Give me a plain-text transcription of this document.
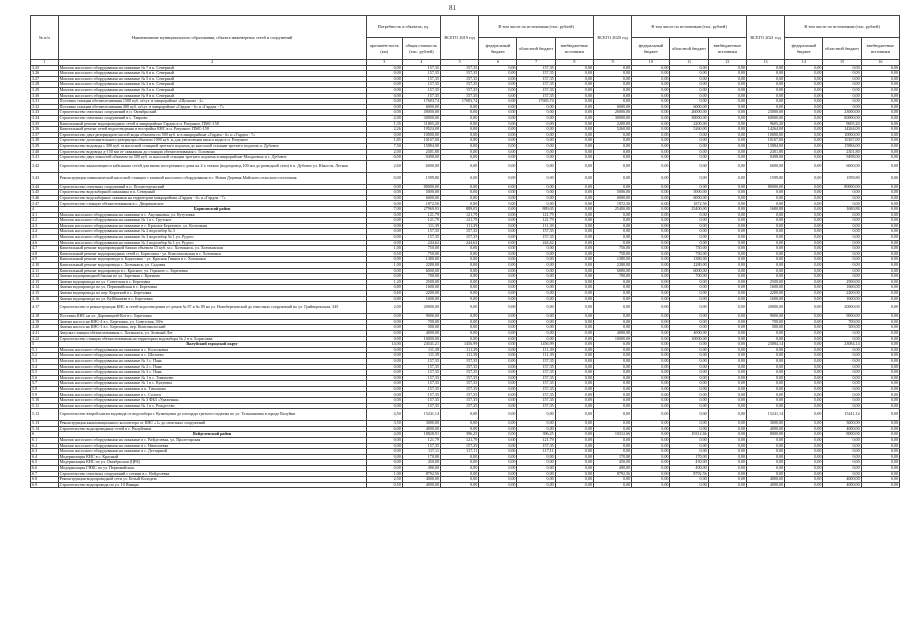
81
№ п/п	Наименование муниципального образования, объекта инженерных сетей и сооружений	Потребность в объектах, ед.		ВСЕГО 2019 год	В том числе по источникам (тыс. рублей)			ВСЕГО 2020 год	В том числе по источникам (тыс. рублей)			ВСЕГО 2021 год	В том числе по источникам (тыс. рублей)		
		протяжён-ность (км)	общая стоимость (тыс. рублей)		федеральный бюджет	областной бюджет	внебюджетные источники		федеральный бюджет	областной бюджет	внебюджетные источники		федеральный бюджет	областной бюджет	внебюджетные источники
1	2	3	4	5	6	7	8	9	10	11	12	13	14	15	16
3.25	Монтаж насосного оборудования на скважине № 7 в п. Северный	0,00	157,35	157,35	0,00	157,35	0,00	0,00	0,00	0,00	0,00	0,00	0,00	0,00	0,00
3.26	Монтаж насосного оборудования на скважине № 6 в п. Северный	0,00	157,35	157,35	0,00	157,35	0,00	0,00	0,00	0,00	0,00	0,00	0,00	0,00	0,00
3.27	Монтаж насосного оборудования на скважине № 5 в п. Северный	0,00	157,35	157,35	0,00	157,35	0,00	0,00	0,00	0,00	0,00	0,00	0,00	0,00	0,00
3.28	Монтаж насосного оборудования на скважине № 2 в п. Северный	0,00	157,35	157,35	0,00	157,35	0,00	0,00	0,00	0,00	0,00	0,00	0,00	0,00	0,00
3.29	Монтаж насосного оборудования на скважине № 3 в п. Северный	0,00	157,35	157,35	0,00	157,35	0,00	0,00	0,00	0,00	0,00	0,00	0,00	0,00	0,00
3.30	Монтаж насосного оборудования на скважине № 9 в п. Северный	0,00	157,35	157,35	0,00	157,35	0,00	0,00	0,00	0,00	0,00	0,00	0,00	0,00	0,00
3.31	Поставка станции обезжелезивания 1500 куб. м/сут. в микрорайоне «Щелково - 2»	0,00	17683,74	17683,74	0,00	17683,74	0,00	0,00	0,00	0,00	0,00	0,00	0,00	0,00	0,00
3.32	Поставка станции обезжелезивания 400 куб. м/сут. в микрорайоне «Гарден - 6» и «Гарден - 7»	0,00	6000,00	0,00	0,00	0,00	0,00	6000,00	0,00	6000,00	0,00	0,00	0,00	0,00	0,00
3.33	Строительство очистных сооружений в п. Октябрьский	0,00	49000,00	0,00	0,00	0,00	0,00	26000,00	0,00	26000,00	0,00	23000,00	0,00	23000,00	0,00
3.34	Строительство очистных сооружений в с. Таврово	2,00	30000,00	0,00	0,00	0,00	0,00	30000,00	0,00	30000,00	0,00	60000,00	0,00	60000,00	0,00
3.35	Капитальный ремонт водопроводных сетей в микрорайоне Гарден в п. Разумное, ПМС-158	1,35	11805,20	0,00	0,00	0,00	0,00	2200,00	0,00	2200,00	0,00	9605,20	0,00	9605,20	0,00
3.36	Капитальный ремонт сетей водоотведения и постройка КНС в п. Разумное, ПМС-158	2,26	19524,00	0,00	0,00	0,00	0,00	5260,00	0,00	5260,00	0,00	14264,00	0,00	14264,00	0,00
3.37	Строительство двух резервуаров чистой воды объемом по 500 куб. м в микрорайоне «Гарден - 6» и «Гарден - 7»	0,00	10000,00	0,00	0,00	0,00	0,00	0,00	0,00	0,00	0,00	10000,00	0,00	10000,00	0,00
3.38	Строительство дополнительного резервуара объемом 1000 куб. м для увеличения запаса воды в п. Разумное	1,85	10167,00	0,00	0,00	0,00	0,00	0,00	0,00	0,00	0,00	10167,00	0,00	10167,00	0,00
3.39	Строительство водовода с 500 куб. м насосной станцией третьего подъема до насосной станции третьего подъема п. Дубовое	7,50	15884,00	0,00	0,00	0,00	0,00	0,00	0,00	0,00	0,00	15884,00	0,00	15884,00	0,00
3.40	Строительство водовода д-150 мм от скважины до станции обезжелезивания с. Головино	2,00	2301,80	0,00	0,00	0,00	0,00	0,00	0,00	0,00	0,00	2301,80	0,00	2301,80	0,00
3.41	Строительство двух емкостей объемом по 500 куб. м насосной станции третьего подъема в микрорайоне Млодьевых и с. Дубовое	0,00	9498,00	0,00	0,00	0,00	0,00	0,00	0,00	0,00	0,00	9498,00	0,00	9498,00	0,00
3.42	Строительство канализации и кабельных сетей для вновь построенного дома на 2-х этажах (водопровод 100 мм до разводной сети) в п. Дубовое ул. Юности, Лесная	2,60	6000,00	0,00	0,00	0,00	0,00	0,00	0,00	0,00	0,00	6000,00	0,00	6000,00	0,00
3.43	Реконструкция символической насосной станции с заменой насосного оборудования в с. Новая Деревня Майского сельского поселения	0,00	1599,80	0,00	0,00	0,00	0,00	0,00	0,00	0,00	0,00	1599,80	0,00	1599,80	0,00
3.44	Строительство очистных сооружений в п. Политотдельский	0,00	80000,00	0,00	0,00	0,00	0,00	0,00	0,00	0,00	0,00	80000,00	0,00	80000,00	0,00
3.45	Строительство водозаборной скважины в п. Северный	0,00	5000,00	0,00	0,00	0,00	0,00	5000,00	0,00	5000,00	0,00	0,00	0,00	0,00	0,00
3.46	Строительство водозаборных скважин на территории микрорайона «Гарден - 6» и «Гарден - 7»	0,00	6000,00	0,00	0,00	0,00	0,00	6000,00	0,00	6000,00	0,00	0,00	0,00	0,00	0,00
3.47	Строительство станции обезжелезивания в с. Двориковское	0,00	1872,56	0,00	0,00	0,00	0,00	1872,56	0,00	1872,56	0,00	0,00	0,00	0,00	0,00
4	Борисовский район	7,00	27969,93	889,05	0,00	889,05	0,00	25400,00	0,00	25400,00	0,00	1680,88	0,00	1680,88	0,00
4.1	Монтаж насосного оборудования на скважине в с. Акулиновка, ул. Кутузовка	0,00	121,79	121,79	0,00	121,79	0,00	0,00	0,00	0,00	0,00	0,00	0,00	0,00	0,00
4.2	Монтаж насосного оборудования на скважине № 1 в с. Грузское	0,00	121,79	121,79	0,00	121,79	0,00	0,00	0,00	0,00	0,00	0,00	0,00	0,00	0,00
4.3	Монтаж насосного оборудования на скважине в с. Красное Березовое, ул. Колхозная	0,00	111,39	111,39	0,00	111,39	0,00	0,00	0,00	0,00	0,00	0,00	0,00	0,00	0,00
4.4	Монтаж насосного оборудования на скважине № 2 водозабор № 3	0,00	157,35	157,35	0,00	157,35	0,00	0,00	0,00	0,00	0,00	0,00	0,00	0,00	0,00
4.5	Монтаж насосного оборудования на скважине № 3 водозабор № 1 ул. Рудого	0,00	157,35	157,35	0,00	157,35	0,00	0,00	0,00	0,00	0,00	0,00	0,00	0,00	0,00
4.6	Монтаж насосного оборудования на скважине № 2 водозабор № 1 ул. Рудого	0,00	244,62	244,62	0,00	244,62	0,00	0,00	0,00	0,00	0,00	0,00	0,00	0,00	0,00
4.7	Капитальный ремонт водопроводной башни объемом 15 куб. м с. Хотмыжск, ул. Хотмыжская	1,00	750,00	0,00	0,00	0,00	0,00	750,00	0,00	750,00	0,00	0,00	0,00	0,00	0,00
4.8	Капитальный ремонт водопроводных сетей п. Борисовка - ул. Комсомольская в с. Хотмыжск	0,50	750,00	0,00	0,00	0,00	0,00	750,00	0,00	750,00	0,00	0,00	0,00	0,00	0,00
4.9	Капитальный ремонт водопровода п. Борисовка - ул. Красная Гвинея в с. Хотмыжск	0,90	1380,00	0,00	0,00	0,00	0,00	1380,00	0,00	1380,00	0,00	0,00	0,00	0,00	0,00
4.10	Капитальный ремонт водопровода с. Хотмыжск, ул. Садовая	1,00	2280,00	0,00	0,00	0,00	0,00	2280,00	0,00	2280,00	0,00	0,00	0,00	0,00	0,00
4.11	Капитальный ремонт водопровода в с. Красное, ул. Горького с. Березовка	0,00	6000,00	0,00	0,00	0,00	0,00	6000,00	0,00	6000,00	0,00	0,00	0,00	0,00	0,00
4.12	Замена водопроводной башни по ул. Заречная с. Крюково	0,00	700,00	0,00	0,00	0,00	0,00	700,00	0,00	700,00	0,00	0,00	0,00	0,00	0,00
4.13	Замена водопровода по ул. Советская в с. Березовка	1,20	2500,00	0,00	0,00	0,00	0,00	0,00	0,00	0,00	0,00	2500,00	0,00	2500,00	0,00
4.14	Замена водопровода по ул. Первомайская в с. Березовка	0,80	1600,00	0,00	0,00	0,00	0,00	0,00	0,00	0,00	0,00	1600,00	0,00	1600,00	0,00
4.15	Замена водопровода по пер. Короткий в с. Березовка	0,60	2200,00	0,00	0,00	0,00	0,00	0,00	0,00	0,00	0,00	2200,00	0,00	2200,00	0,00
4.16	Замена водопровода по ул. Куйбышева в с. Березовка	0,80	1600,00	0,00	0,00	0,00	0,00	0,00	0,00	0,00	0,00	1600,00	0,00	1600,00	0,00
4.17	Строительство и реконструкция КНС в сетей водоотведения от домов № 87 и № 89 на ул. Новоберезовской до очистных сооружений по ул. Грайворонская, 345	2,00	20000,00	0,00	0,00	0,00	0,00	0,00	0,00	0,00	0,00	20000,00	0,00	20000,00	0,00
4.18	Поставка КНС на ул. Даровицкий-Кот в с. Березовка	0,00	9000,00	0,00	0,00	0,00	0,00	0,00	0,00	0,00	0,00	9000,00	0,00	9000,00	0,00
4.19	Замена насоса на КНС-4 в с. Березовка, ул. Советская, 39/в	0,00	700,00	0,00	0,00	0,00	0,00	0,00	0,00	0,00	0,00	700,00	0,00	700,00	0,00
4.20	Замена насоса на КНС-1 в с. Березовка, пер. Комсомольский	0,00	500,00	0,00	0,00	0,00	0,00	0,00	0,00	0,00	0,00	500,00	0,00	500,00	0,00
4.21	Закупка станции обезжелезивания с. Хотмыжск, ул. Зеленый Лог	0,00	4000,00	0,00	0,00	0,00	0,00	4000,00	0,00	4000,00	0,00	0,00	0,00	0,00	0,00
4.22	Строительство станции обезжелезивания на территории водозабора № 2 в п. Борисовка	0,00	10000,00	0,00	0,00	0,00	0,00	10000,00	0,00	10000,00	0,00	0,00	0,00	0,00	0,00
5	Валуйский городской округ	14,00	24541,21	1456,99	0,00	1456,99	0,00	0,00	0,00	0,00	0,00	23084,14	0,00	23084,14	0,00
5.1	Монтаж насосного оборудования на скважине в с. Колосковка	0,00	111,39	111,39	0,00	111,39	0,00	0,00	0,00	0,00	0,00	0,00	0,00	0,00	0,00
5.2	Монтаж насосного оборудования на скважине в с. Шелаево	0,00	111,39	111,39	0,00	111,39	0,00	0,00	0,00	0,00	0,00	0,00	0,00	0,00	0,00
5.3	Монтаж насосного оборудования на скважине № 1 с. Пань	0,00	157,35	157,35	0,00	157,35	0,00	0,00	0,00	0,00	0,00	0,00	0,00	0,00	0,00
5.4	Монтаж насосного оборудования на скважине № 2 с. Пань	0,00	157,35	157,35	0,00	157,35	0,00	0,00	0,00	0,00	0,00	0,00	0,00	0,00	0,00
5.5	Монтаж насосного оборудования на скважине № 3 с. Пань	0,00	157,35	157,35	0,00	157,35	0,00	0,00	0,00	0,00	0,00	0,00	0,00	0,00	0,00
5.6	Монтаж насосного оборудования на скважине № 1 в с. Тимоново	0,00	157,35	157,35	0,00	157,35	0,00	0,00	0,00	0,00	0,00	0,00	0,00	0,00	0,00
5.7	Монтаж насосного оборудования на скважине № 1 в с. Кукуевка	0,00	157,35	157,35	0,00	157,35	0,00	0,00	0,00	0,00	0,00	0,00	0,00	0,00	0,00
5.8	Монтаж насосного оборудования на скважине в п. Тимоново	0,00	157,35	157,35	0,00	157,35	0,00	0,00	0,00	0,00	0,00	0,00	0,00	0,00	0,00
5.9	Монтаж насосного оборудования на скважине в с. Солоти	0,00	157,35	157,35	0,00	157,35	0,00	0,00	0,00	0,00	0,00	0,00	0,00	0,00	0,00
5.10	Монтаж насосного оборудования на скважине № 3 ФБЗ «Ураження»	0,00	157,35	157,35	0,00	157,35	0,00	0,00	0,00	0,00	0,00	0,00	0,00	0,00	0,00
5.11	Монтаж насосного оборудования на скважине № 1 в с. Рождество	0,00	157,35	157,35	0,00	157,35	0,00	0,00	0,00	0,00	0,00	0,00	0,00	0,00	0,00
5.12	Строительство второй нитки водовода от водозабора г. Кузнецовка до площади третьего подъема по ул. Тельмановка в городе Валуйки	4,50	15241,14	0,00	0,00	0,00	0,00	0,00	0,00	0,00	0,00	15241,14	0,00	15241,14	0,00
5.13	Реконструкция канализационного коллектора от КНС «1» до очистных сооружений	3,50	3000,00	0,00	0,00	0,00	0,00	0,00	0,00	0,00	0,00	3000,00	0,00	3000,00	0,00
5.14	Строительство водопроводных сетей в с. Валуйчики	6,00	4000,00	0,00	0,00	0,00	0,00	0,00	0,00	0,00	0,00	4000,00	0,00	4000,00	0,00
6	Вейделевский район	4,00	18828,91	396,25	0,00	396,25	0,00	10312,66	0,00	10312,66	0,00	8000,00	0,00	8000,00	0,00
6.1	Монтаж насосного оборудования на скважине в с. Вейделевка, ул. Пролетарская	0,00	121,79	121,79	0,00	121,79	0,00	0,00	0,00	0,00	0,00	0,00	0,00	0,00	0,00
6.2	Монтаж насосного оборудования на скважине в с. Николаевка	0,00	157,35	157,35	0,00	157,35	0,00	0,00	0,00	0,00	0,00	0,00	0,00	0,00	0,00
6.3	Монтаж насосного оборудования на скважине в с. Дегтярный	0,00	117,11	117,11	0,00	117,11	0,00	0,00	0,00	0,00	0,00	0,00	0,00	0,00	0,00
6.4	Модернизация КНС в с. Красный	0,00	170,00	0,00	0,00	0,00	0,00	170,00	0,00	170,00	0,00	0,00	0,00	0,00	0,00
6.5	Модернизация КНС по ул. Октябрьская (ЦРБ)	0,00	450,00	0,00	0,00	0,00	0,00	450,00	0,00	450,00	0,00	0,00	0,00	0,00	0,00
6.6	Модернизация ГНКС по ул. Первомайская	0,00	490,00	0,00	0,00	0,00	0,00	490,00	0,00	490,00	0,00	0,00	0,00	0,00	0,00
6.7	Строительство очистных сооружений с сетями в с. Вейделевка	1,00	8792,56	0,00	0,00	0,00	0,00	8792,56	0,00	8792,56	0,00	0,00	0,00	0,00	0,00
6.8	Реконструкция водопроводной сети ул. Белый Колодезь	2,50	4000,00	0,00	0,00	0,00	0,00	0,00	0,00	0,00	0,00	4000,00	0,00	4000,00	0,00
6.9	Строительство водопровода по ул. 10 Январи	0,50	4000,00	0,00	0,00	0,00	0,00	0,00	0,00	0,00	0,00	4000,00	0,00	4000,00	0,00
